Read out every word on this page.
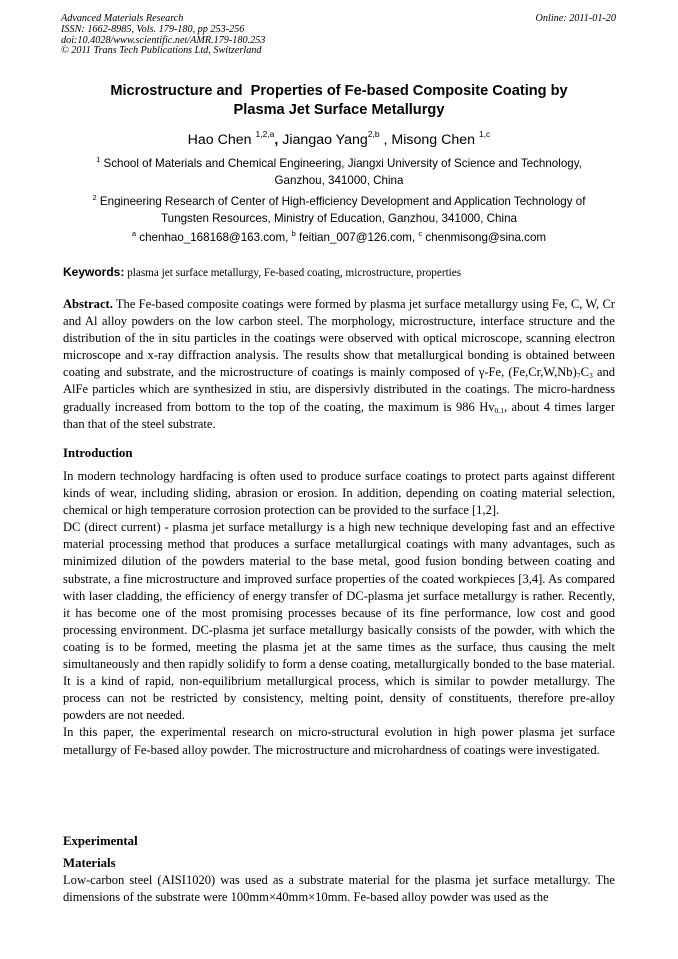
Advanced Materials Research
ISSN: 1662-8985, Vols. 179-180, pp 253-256
doi:10.4028/www.scientific.net/AMR.179-180.253
© 2011 Trans Tech Publications Ltd, Switzerland
Online: 2011-01-20
Microstructure and  Properties of Fe-based Composite Coating by
Plasma Jet Surface Metallurgy
Hao Chen $^{1,2,a}$, Jiangao Yang$^{2,b}$ , Misong Chen $^{1,c}$
$^1$ School of Materials and Chemical Engineering, Jiangxi University of Science and Technology,
Ganzhou, 341000, China
$^2$ Engineering Research of Center of High-efficiency Development and Application Technology of
Tungsten Resources, Ministry of Education, Ganzhou, 341000, China
$^a$ chenhao_168168@163.com, $^b$ feitian_007@126.com, $^c$ chenmisong@sina.com
Keywords: plasma jet surface metallurgy, Fe-based coating, microstructure, properties
Abstract. The Fe-based composite coatings were formed by plasma jet surface metallurgy using Fe, C, W, Cr and Al alloy powders on the low carbon steel. The morphology, microstructure, interface structure and the distribution of the in situ particles in the coatings were observed with optical microscope, scanning electron microscope and x-ray diffraction analysis. The results show that metallurgical bonding is obtained between coating and substrate, and the microstructure of coatings is mainly composed of γ-Fe, $(Fe,Cr,W,Nb)_7C_3$ and AlFe particles which are synthesized in stiu, are dispersivly distributed in the coatings. The micro-hardness gradually increased from bottom to the top of the coating, the maximum is 986 $Hv_{0.1}$, about 4 times larger than that of the steel substrate.
Introduction

In modern technology hardfacing is often used to produce surface coatings to protect parts against different kinds of wear, including sliding, abrasion or erosion. In addition, depending on coating material selection, chemical or high temperature corrosion protection can be provided to the surface [1,2].

DC (direct current) - plasma jet surface metallurgy is a high new technique developing fast and an effective material processing method that produces a surface metallurgical coatings with many advantages, such as minimized dilution of the powders material to the base metal, good fusion bonding between coating and substrate, a fine microstructure and improved surface properties of the coated workpieces [3,4]. As compared with laser cladding, the efficiency of energy transfer of DC-plasma jet surface metallurgy is rather. Recently, it has become one of the most promising processes because of its fine performance, low cost and good processing environment. DC-plasma jet surface metallurgy basically consists of the powder, with which the coating is to be formed, meeting the plasma jet at the same times as the surface, thus causing the melt simultaneously and then rapidly solidify to form a dense coating, metallurgically bonded to the base material. It is a kind of rapid, non-equilibrium metallurgical process, which is similar to powder metallurgy. The process can not be restricted by consistency, melting point, density of constituents, therefore pre-alloy powders are not needed.

In this paper, the experimental research on micro-structural evolution in high power plasma jet surface metallurgy of Fe-based alloy powder. The microstructure and microhardness of coatings were investigated.

Experimental
Materials

Low-carbon steel (AISI1020) was used as a substrate material for the plasma jet surface metallurgy. The dimensions of the substrate were 100mm×40mm×10mm. Fe-based alloy powder was used as the
